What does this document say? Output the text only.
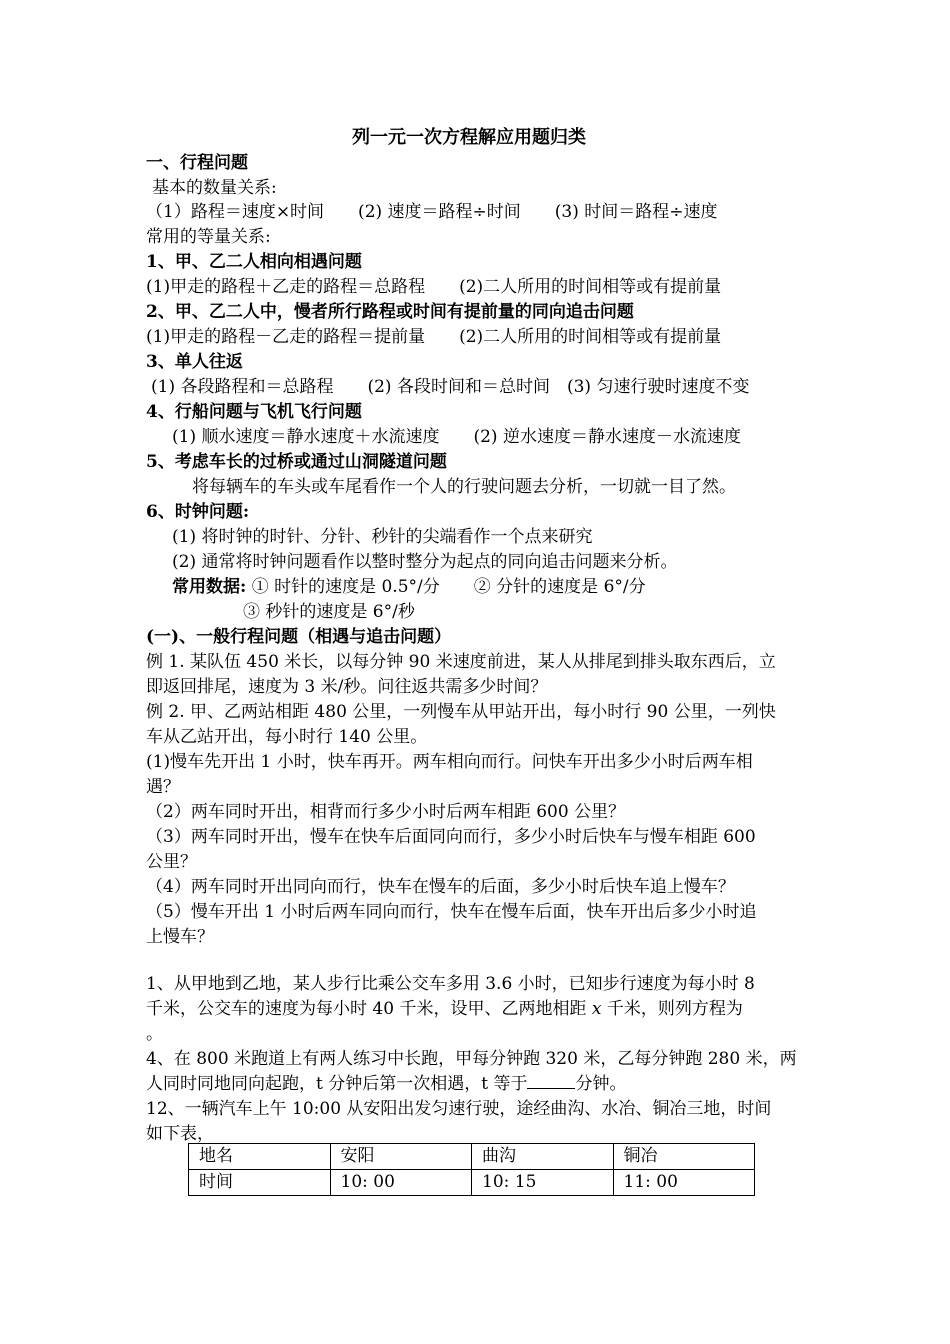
列一元一次方程解应用题归类
一、行程问题
基本的数量关系:
（1）路程＝速度×时间　　(2) 速度＝路程÷时间　　(3) 时间＝路程÷速度
常用的等量关系:
1、甲、乙二人相向相遇问题
(1)甲走的路程＋乙走的路程＝总路程　　(2)二人所用的时间相等或有提前量
2、甲、乙二人中，慢者所行路程或时间有提前量的同向追击问题
(1)甲走的路程－乙走的路程＝提前量　　(2)二人所用的时间相等或有提前量
3、单人往返
(1) 各段路程和＝总路程　　(2) 各段时间和＝总时间　(3) 匀速行驶时速度不变
4、行船问题与飞机飞行问题
(1) 顺水速度＝静水速度＋水流速度　　(2) 逆水速度＝静水速度－水流速度
5、考虑车长的过桥或通过山洞隧道问题
将每辆车的车头或车尾看作一个人的行驶问题去分析，一切就一目了然。
6、时钟问题:
(1) 将时钟的时针、分针、秒针的尖端看作一个点来研究
(2) 通常将时钟问题看作以整时整分为起点的同向追击问题来分析。
常用数据: ① 时针的速度是 0.5°/分　　② 分针的速度是 6°/分
③ 秒针的速度是 6°/秒
(一)、一般行程问题（相遇与追击问题）
例 1. 某队伍 450 米长，以每分钟 90 米速度前进，某人从排尾到排头取东西后，立
即返回排尾，速度为 3 米/秒。问往返共需多少时间？
例 2. 甲、乙两站相距 480 公里，一列慢车从甲站开出，每小时行 90 公里，一列快
车从乙站开出，每小时行 140 公里。
(1)慢车先开出 1 小时，快车再开。两车相向而行。问快车开出多少小时后两车相
遇？
（2）两车同时开出，相背而行多少小时后两车相距 600 公里？
（3）两车同时开出，慢车在快车后面同向而行，多少小时后快车与慢车相距 600
公里？
（4）两车同时开出同向而行，快车在慢车的后面，多少小时后快车追上慢车？
（5）慢车开出 1 小时后两车同向而行，快车在慢车后面，快车开出后多少小时追
上慢车？
1、从甲地到乙地，某人步行比乘公交车多用 3.6 小时，已知步行速度为每小时 8
千米，公交车的速度为每小时 40 千米，设甲、乙两地相距 x 千米，则列方程为
。
4、在 800 米跑道上有两人练习中长跑，甲每分钟跑 320 米，乙每分钟跑 280 米，两
人同时同地同向起跑，t 分钟后第一次相遇，t 等于	分钟。
12、一辆汽车上午 10:00 从安阳出发匀速行驶，途经曲沟、水冶、铜冶三地，时间
如下表，
地名	安阳	曲沟	铜冶
时间	10: 00	10: 15	11: 00
